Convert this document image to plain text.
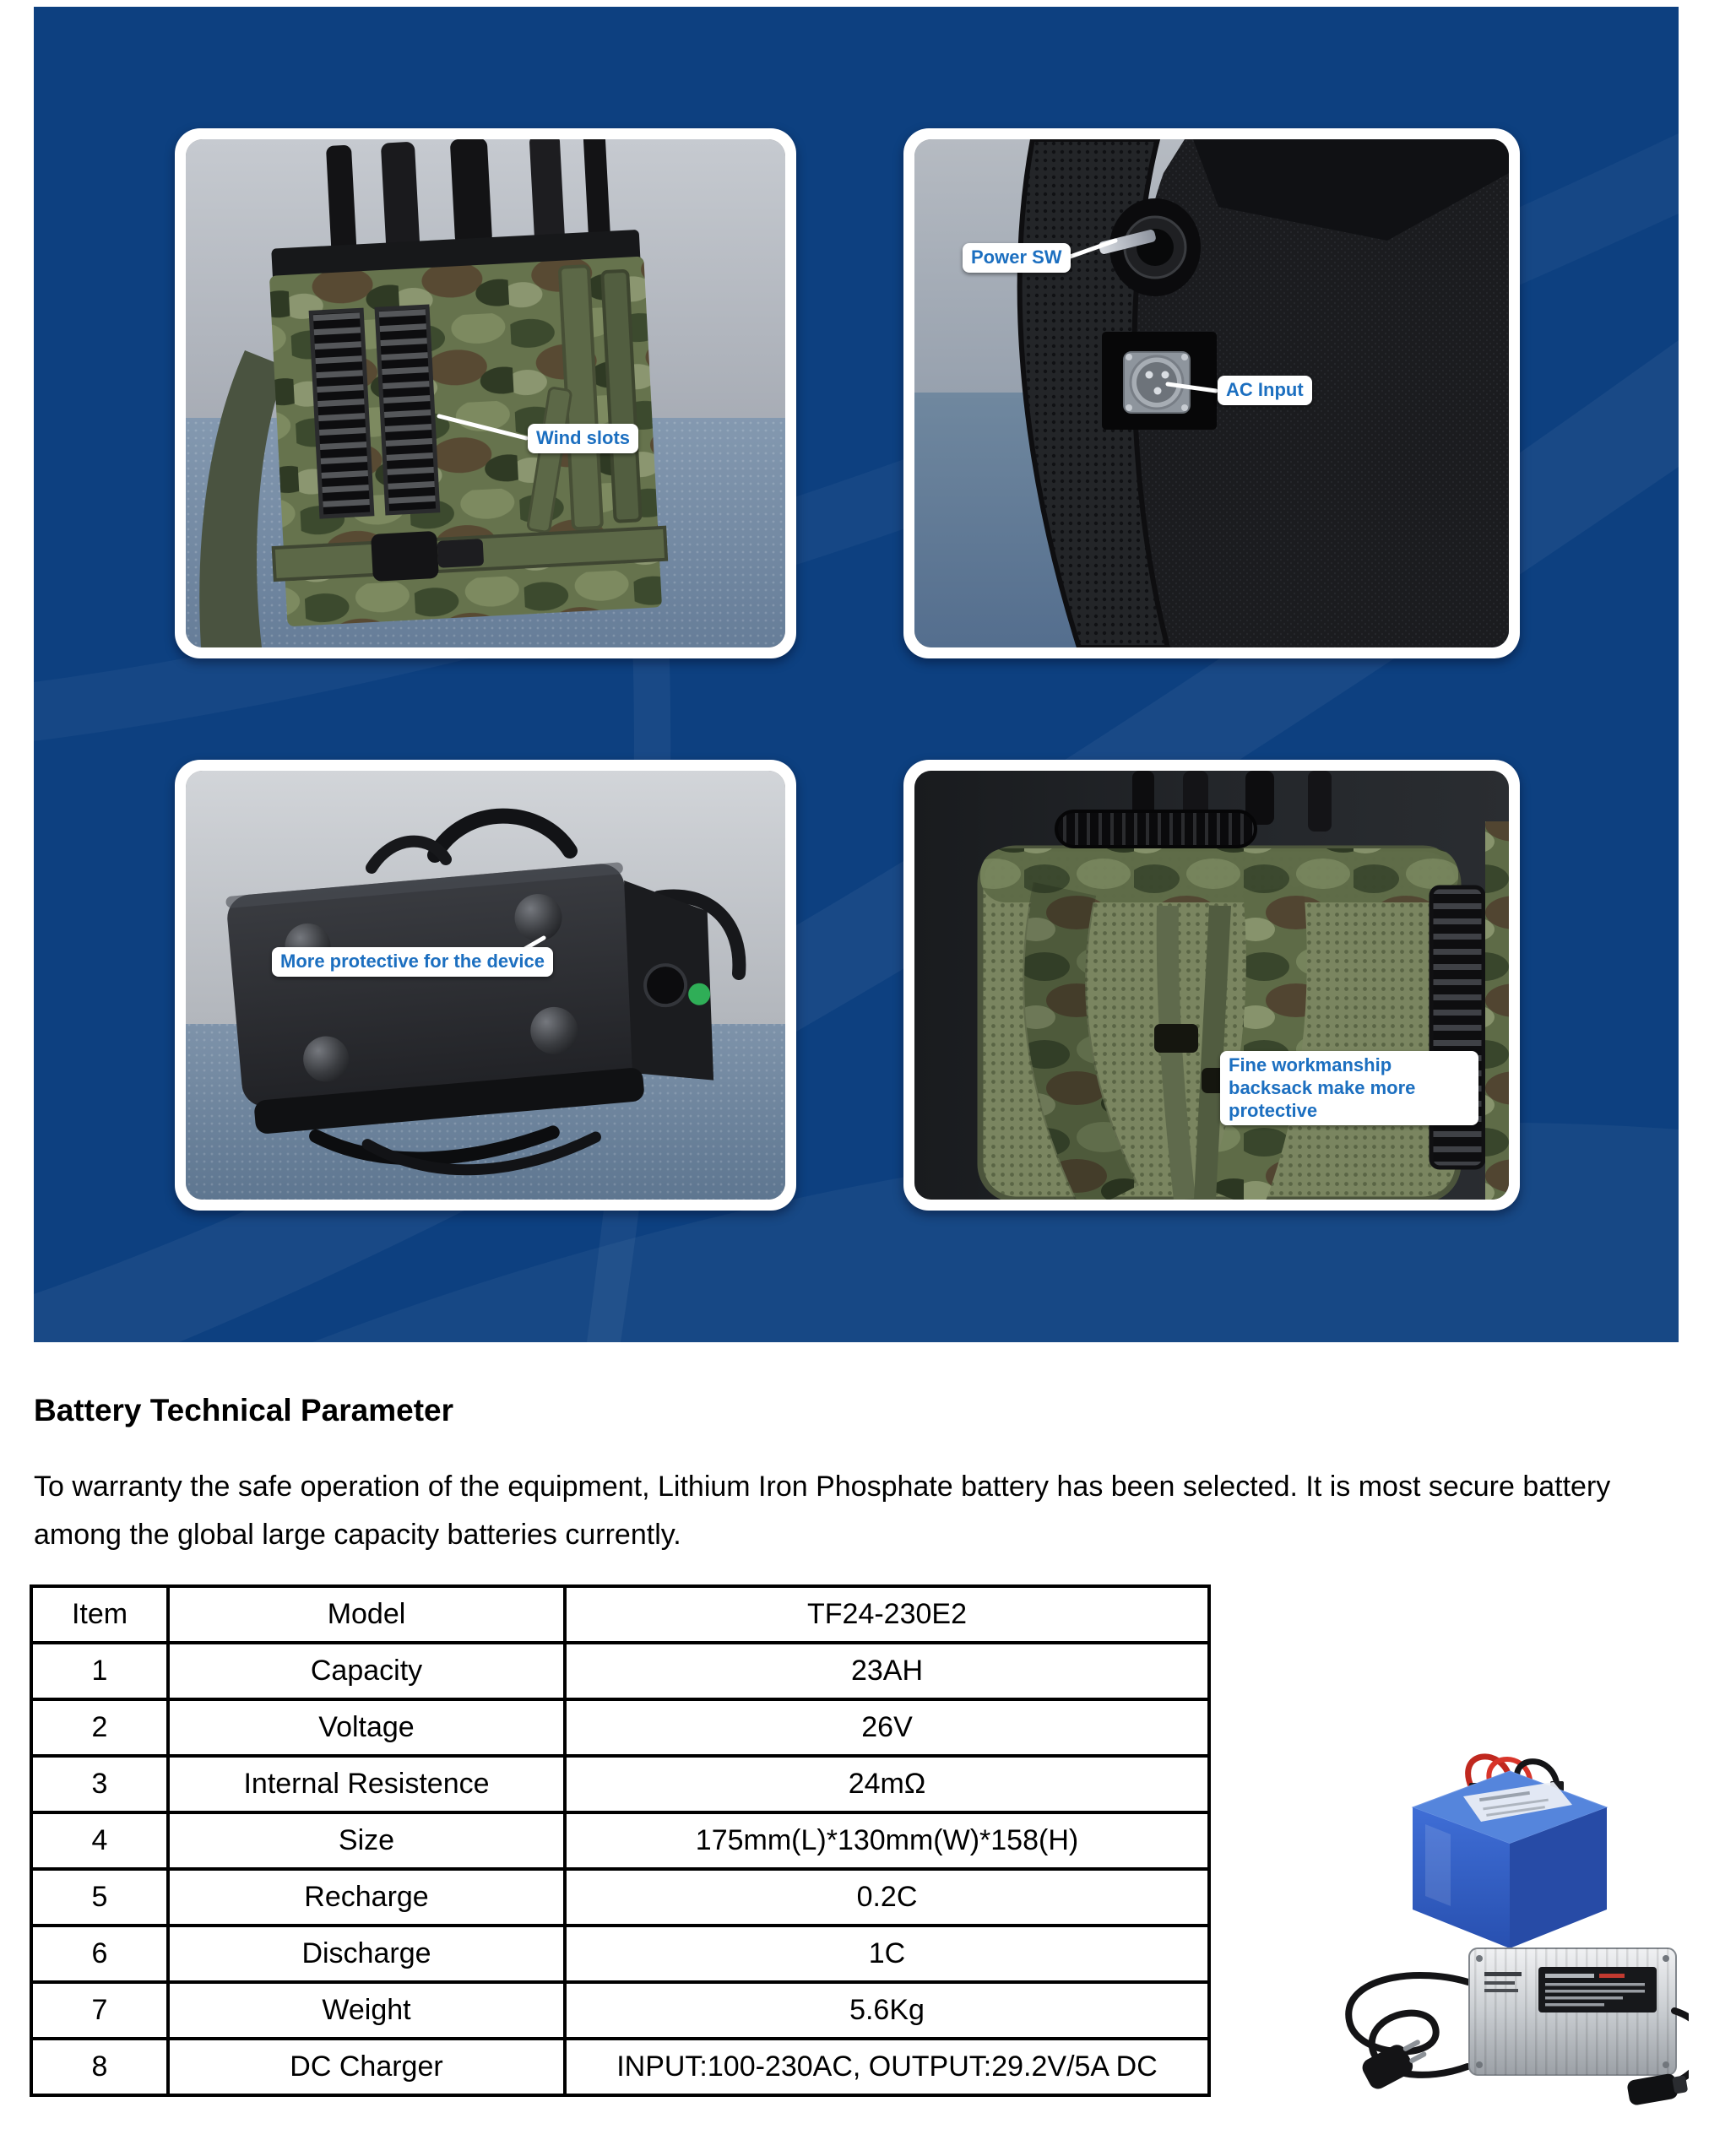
Wind slots
Power SW
AC Input
More protective for the device
Fine workmanship backsack make more protective
Battery Technical Parameter

To warranty the safe operation of the equipment, Lithium Iron Phosphate battery has been selected. It is most secure battery among the global large capacity batteries currently.

Item	Model	TF24-230E2
1	Capacity	23AH
2	Voltage	26V
3	Internal Resistence	24mΩ
4	Size	175mm(L)*130mm(W)*158(H)
5	Recharge	0.2C
6	Discharge	1C
7	Weight	5.6Kg
8	DC Charger	INPUT:100-230AC, OUTPUT:29.2V/5A DC
